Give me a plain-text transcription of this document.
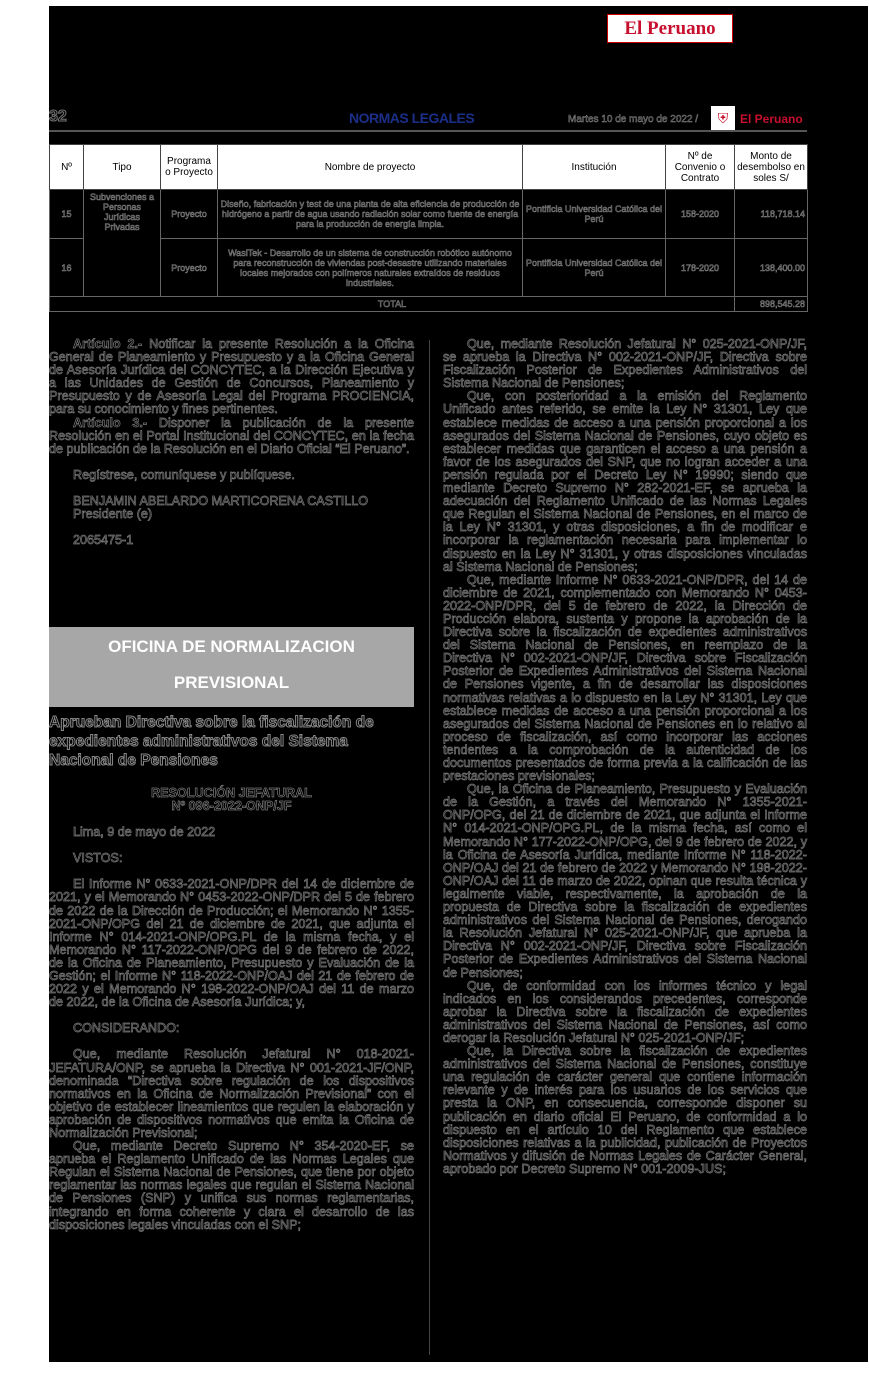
El Peruano
32	NORMAS LEGALES	Martes 10 de mayo de 2022 /	⛨ El Peruano
Nº	Tipo	Programa o Proyecto	Nombre de proyecto	Institución	Nº de Convenio o Contrato	Monto de desembolso en soles S/
15	Subvenciones a Personas Jurídicas Privadas	Proyecto	Diseño, fabricación y test de una planta de alta eficiencia de producción de hidrógeno a partir de agua usando radiación solar como fuente de energía para la producción de energía limpia.	Pontificia Universidad Católica del Perú	158-2020	118,718.14
16		Proyecto	WasiTek - Desarrollo de un sistema de construcción robótico autónomo para reconstrucción de viviendas post-desastre utilizando materiales locales mejorados con polímeros naturales extraídos de residuos industriales.	Pontificia Universidad Católica del Perú	178-2020	138,400.00
TOTAL						898,545.28

Artículo 2.- Notificar la presente Resolución a la Oficina General de Planeamiento y Presupuesto y a la Oficina General de Asesoría Jurídica del CONCYTEC, a la Dirección Ejecutiva y a las Unidades de Gestión de Concursos, Planeamiento y Presupuesto y de Asesoría Legal del Programa PROCIENCIA, para su conocimiento y fines pertinentes.

Artículo 3.- Disponer la publicación de la presente Resolución en el Portal Institucional del CONCYTEC, en la fecha de publicación de la Resolución en el Diario Oficial “El Peruano”.

Regístrese, comuníquese y publíquese.

BENJAMIN ABELARDO MARTICORENA CASTILLO

Presidente (e)

2065475-1

OFICINA DE NORMALIZACION
PREVISIONAL
Aprueban Directiva sobre la fiscalización de expedientes administrativos del Sistema Nacional de Pensiones
RESOLUCIÓN JEFATURAL
Nº 096-2022-ONP/JF

Lima, 9 de mayo de 2022

VISTOS:

El Informe N° 0633-2021-ONP/DPR del 14 de diciembre de 2021, y el Memorando N° 0453-2022-ONP/DPR del 5 de febrero de 2022 de la Dirección de Producción; el Memorando N° 1355-2021-ONP/OPG del 21 de diciembre de 2021, que adjunta el Informe N° 014-2021-ONP/OPG.PL de la misma fecha, y el Memorando N° 117-2022-ONP/OPG del 9 de febrero de 2022, de la Oficina de Planeamiento, Presupuesto y Evaluación de la Gestión; el Informe N° 118-2022-ONP/OAJ del 21 de febrero de 2022 y el Memorando N° 198-2022-ONP/OAJ del 11 de marzo de 2022, de la Oficina de Asesoría Jurídica; y,

CONSIDERANDO:

Que, mediante Resolución Jefatural N° 018-2021-JEFATURA/ONP, se aprueba la Directiva N° 001-2021-JF/ONP, denominada “Directiva sobre regulación de los dispositivos normativos en la Oficina de Normalización Previsional” con el objetivo de establecer lineamientos que regulen la elaboración y aprobación de dispositivos normativos que emita la Oficina de Normalización Previsional;

Que, mediante Decreto Supremo N° 354-2020-EF, se aprueba el Reglamento Unificado de las Normas Legales que Regulan el Sistema Nacional de Pensiones, que tiene por objeto reglamentar las normas legales que regulan el Sistema Nacional de Pensiones (SNP) y unifica sus normas reglamentarias, integrando en forma coherente y clara el desarrollo de las disposiciones legales vinculadas con el SNP;

Que, mediante Resolución Jefatural N° 025-2021-ONP/JF, se aprueba la Directiva N° 002-2021-ONP/JF, Directiva sobre Fiscalización Posterior de Expedientes Administrativos del Sistema Nacional de Pensiones;

Que, con posterioridad a la emisión del Reglamento Unificado antes referido, se emite la Ley N° 31301, Ley que establece medidas de acceso a una pensión proporcional a los asegurados del Sistema Nacional de Pensiones, cuyo objeto es establecer medidas que garanticen el acceso a una pensión a favor de los asegurados del SNP, que no logran acceder a una pensión regulada por el Decreto Ley N° 19990; siendo que mediante Decreto Supremo N° 282-2021-EF, se aprueba la adecuación del Reglamento Unificado de las Normas Legales que Regulan el Sistema Nacional de Pensiones, en el marco de la Ley N° 31301, y otras disposiciones, a fin de modificar e incorporar la reglamentación necesaria para implementar lo dispuesto en la Ley N° 31301, y otras disposiciones vinculadas al Sistema Nacional de Pensiones;

Que, mediante Informe N° 0633-2021-ONP/DPR, del 14 de diciembre de 2021, complementado con Memorando N° 0453-2022-ONP/DPR, del 5 de febrero de 2022, la Dirección de Producción elabora, sustenta y propone la aprobación de la Directiva sobre la fiscalización de expedientes administrativos del Sistema Nacional de Pensiones, en reemplazo de la Directiva N° 002-2021-ONP/JF, Directiva sobre Fiscalización Posterior de Expedientes Administrativos del Sistema Nacional de Pensiones vigente, a fin de desarrollar las disposiciones normativas relativas a lo dispuesto en la Ley N° 31301, Ley que establece medidas de acceso a una pensión proporcional a los asegurados del Sistema Nacional de Pensiones en lo relativo al proceso de fiscalización, así como incorporar las acciones tendentes a la comprobación de la autenticidad de los documentos presentados de forma previa a la calificación de las prestaciones previsionales;

Que, la Oficina de Planeamiento, Presupuesto y Evaluación de la Gestión, a través del Memorando N° 1355-2021-ONP/OPG, del 21 de diciembre de 2021, que adjunta el Informe N° 014-2021-ONP/OPG.PL, de la misma fecha, así como el Memorando N° 177-2022-ONP/OPG, del 9 de febrero de 2022, y la Oficina de Asesoría Jurídica, mediante Informe N° 118-2022-ONP/OAJ del 21 de febrero de 2022 y Memorando N° 198-2022-ONP/OAJ del 11 de marzo de 2022, opinan que resulta técnica y legalmente viable, respectivamente, la aprobación de la propuesta de Directiva sobre la fiscalización de expedientes administrativos del Sistema Nacional de Pensiones, derogando la Resolución Jefatural N° 025-2021-ONP/JF, que aprueba la Directiva N° 002-2021-ONP/JF, Directiva sobre Fiscalización Posterior de Expedientes Administrativos del Sistema Nacional de Pensiones;

Que, de conformidad con los informes técnico y legal indicados en los considerandos precedentes, corresponde aprobar la Directiva sobre la fiscalización de expedientes administrativos del Sistema Nacional de Pensiones, así como derogar la Resolución Jefatural N° 025-2021-ONP/JF;

Que, la Directiva sobre la fiscalización de expedientes administrativos del Sistema Nacional de Pensiones, constituye una regulación de carácter general que contiene información relevante y de interés para los usuarios de los servicios que presta la ONP, en consecuencia, corresponde disponer su publicación en diario oficial El Peruano, de conformidad a lo dispuesto en el artículo 10 del Reglamento que establece disposiciones relativas a la publicidad, publicación de Proyectos Normativos y difusión de Normas Legales de Carácter General, aprobado por Decreto Supremo N° 001-2009-JUS;
